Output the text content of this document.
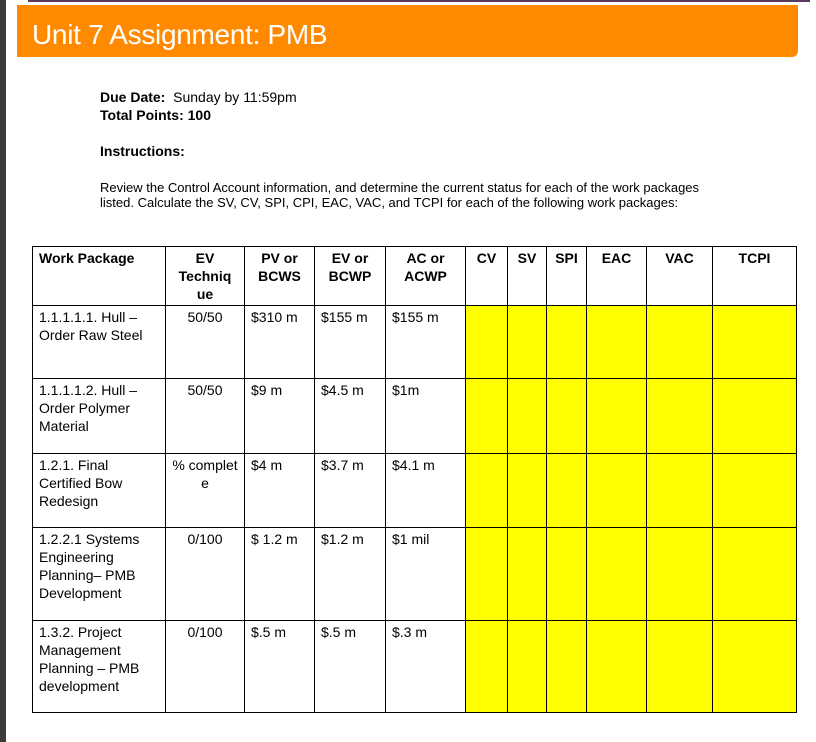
Unit 7 Assignment: PMB
Due Date: Sunday by 11:59pm
Total Points: 100
Instructions:
Review the Control Account information, and determine the current status for each of the work packages listed. Calculate the SV, CV, SPI, CPI, EAC, VAC, and TCPI for each of the following work packages:
Work Package	EV Techniq ue	PV or BCWS	EV or BCWP	AC or ACWP	CV	SV	SPI	EAC	VAC	TCPI
1.1.1.1.1. Hull – Order Raw Steel	50/50	$310 m	$155 m	$155 m						
1.1.1.1.2. Hull – Order Polymer Material	50/50	$9 m	$4.5 m	$1m						
1.2.1. Final Certified Bow Redesign	% complet e	$4 m	$3.7 m	$4.1 m						
1.2.2.1 Systems Engineering Planning– PMB Development	0/100	$ 1.2 m	$1.2 m	$1 mil						
1.3.2. Project Management Planning – PMB development	0/100	$.5 m	$.5 m	$.3 m						
